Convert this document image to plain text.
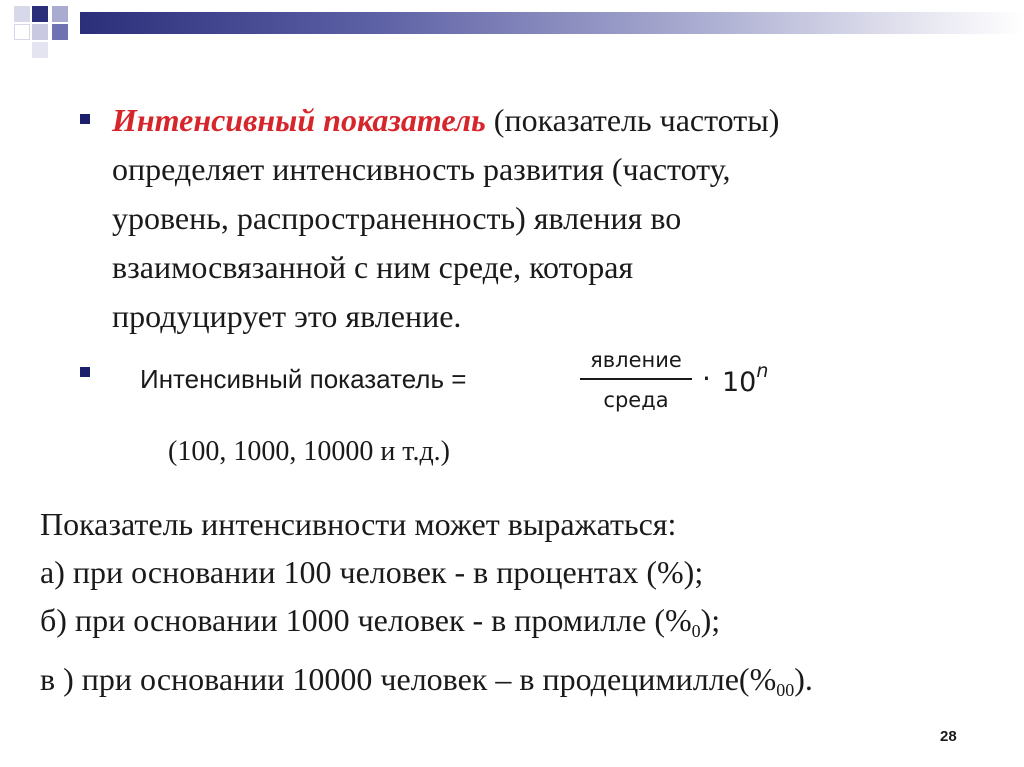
Интенсивный показатель (показатель частоты)
определяет интенсивность развития (частоту,
уровень, распространенность) явления во
взаимосвязанной с ним среде, которая
продуцирует это явление.
Интенсивный показатель =
явление
среда
· $10^n$
(100, 1000, 10000 и т.д.)
Показатель интенсивности может выражаться:
а) при основании 100 человек - в процентах (%);
б) при основании 1000 человек - в промилле $(\%_0)$;
в ) при основании 10000 человек – в $продецимилле(\%_{00})$.
28
